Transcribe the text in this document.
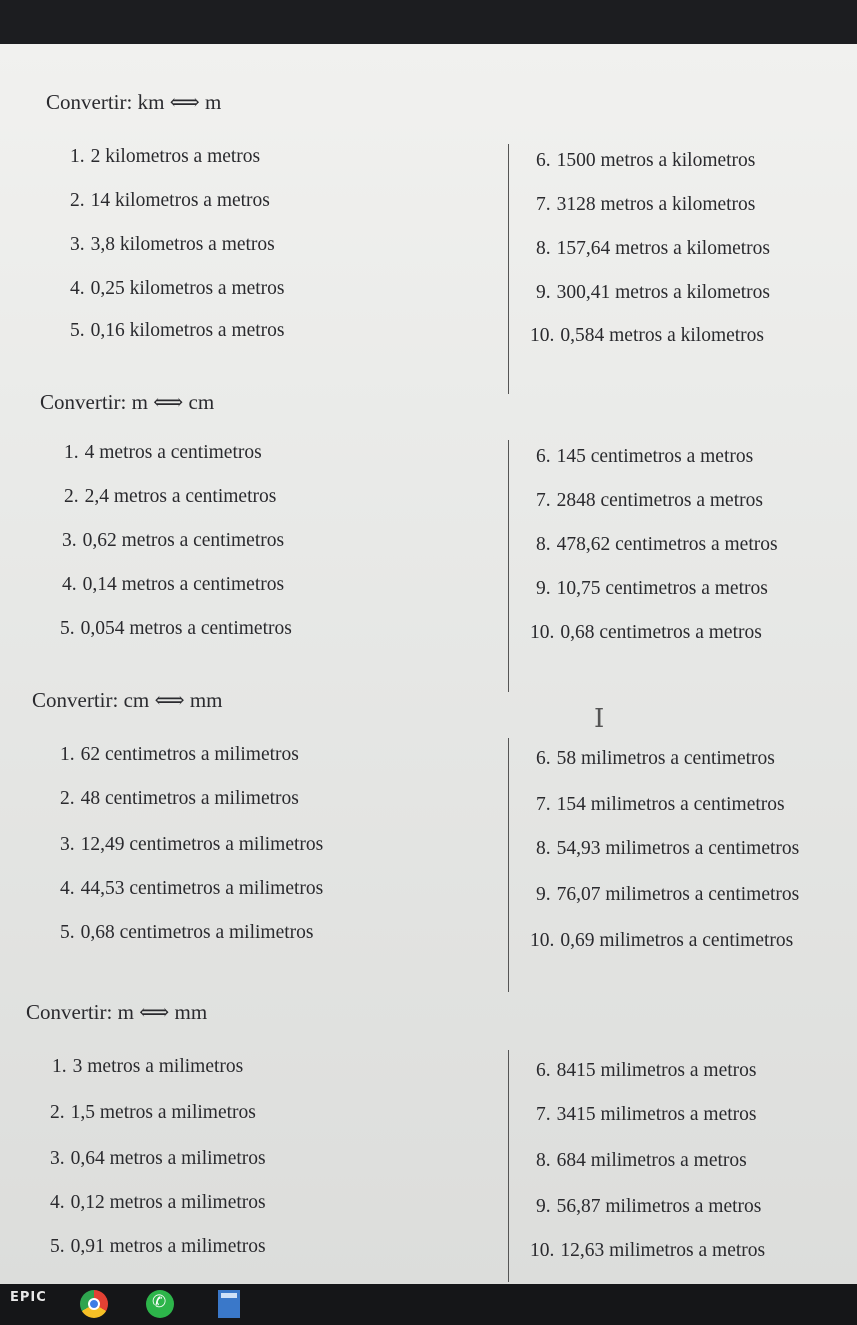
Convertir: km ⟺ m
1. 2 kilometros a metros
2. 14 kilometros a metros
3. 3,8 kilometros a metros
4. 0,25 kilometros a metros
5. 0,16 kilometros a metros
6. 1500 metros a kilometros
7. 3128 metros a kilometros
8. 157,64 metros a kilometros
9. 300,41 metros a kilometros
10. 0,584 metros a kilometros
Convertir: m ⟺ cm
1. 4 metros a centimetros
2. 2,4 metros a centimetros
3. 0,62 metros a centimetros
4. 0,14 metros a centimetros
5. 0,054 metros a centimetros
6. 145 centimetros a metros
7. 2848 centimetros a metros
8. 478,62 centimetros a metros
9. 10,75 centimetros a metros
10. 0,68 centimetros a metros
Convertir: cm ⟺ mm
1. 62 centimetros a milimetros
2. 48 centimetros a milimetros
3. 12,49 centimetros a milimetros
4. 44,53 centimetros a milimetros
5. 0,68 centimetros a milimetros
6. 58 milimetros a centimetros
7. 154 milimetros a centimetros
8. 54,93 milimetros a centimetros
9. 76,07 milimetros a centimetros
10. 0,69 milimetros a centimetros
Convertir: m ⟺ mm
1. 3 metros a milimetros
2. 1,5 metros a milimetros
3. 0,64 metros a milimetros
4. 0,12 metros a milimetros
5. 0,91 metros a milimetros
6. 8415 milimetros a metros
7. 3415 milimetros a metros
8. 684 milimetros a metros
9. 56,87 milimetros a metros
10. 12,63 milimetros a metros
I
EPIC
✆
